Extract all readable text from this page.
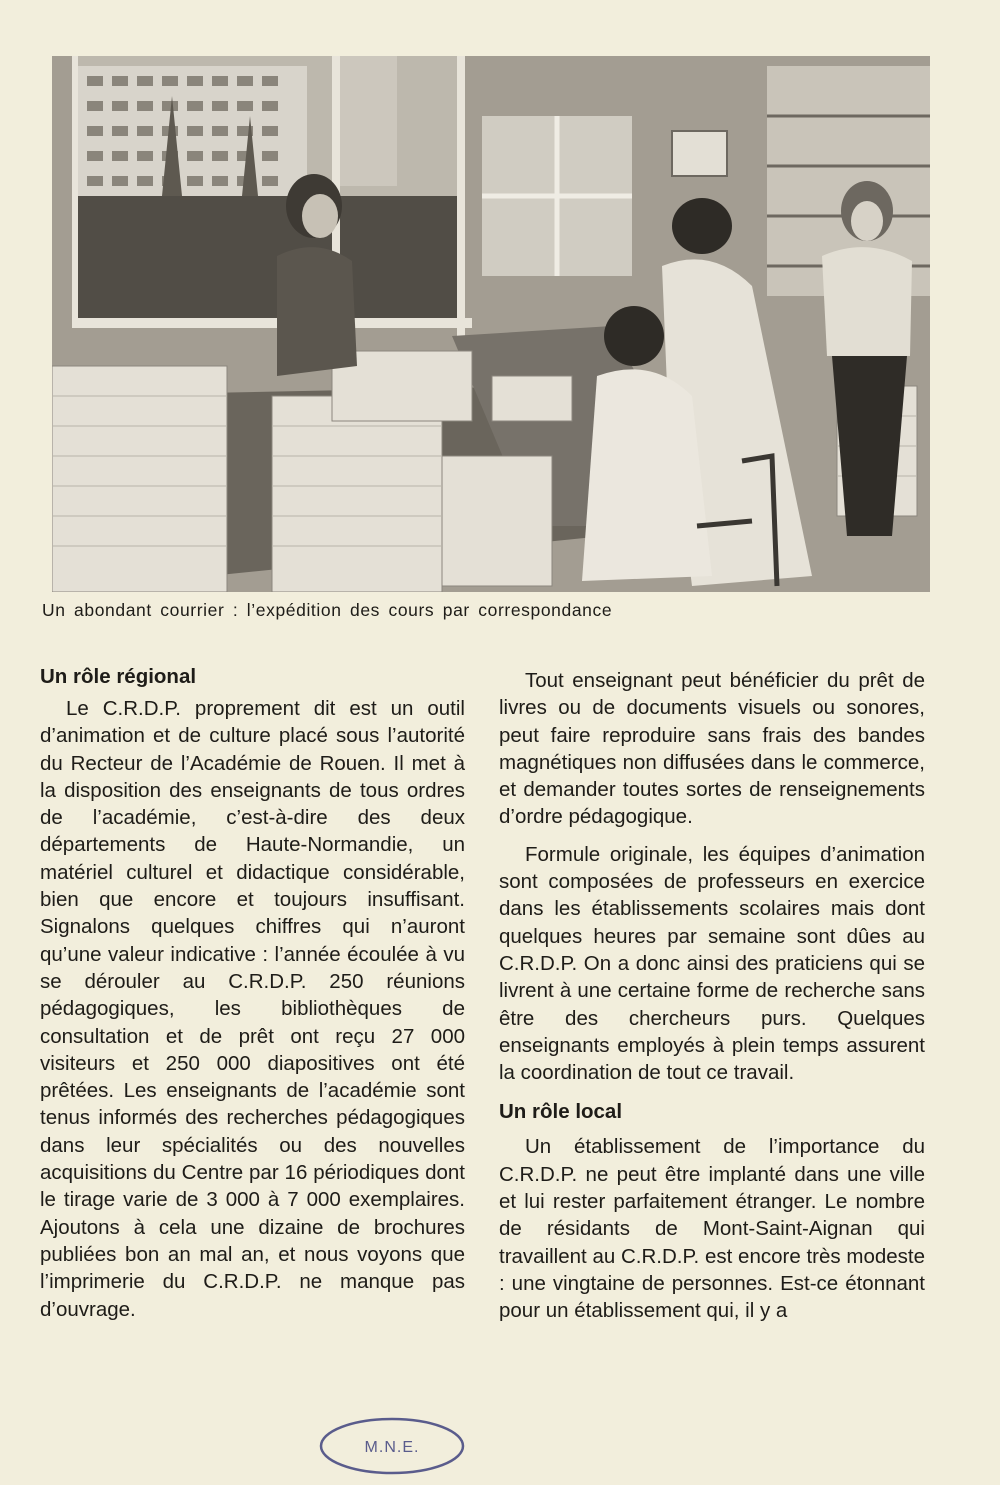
Un abondant courrier : l’expédition des cours par correspondance
Un rôle régional

Le C.R.D.P. proprement dit est un outil d’animation et de culture placé sous l’autorité du Recteur de l’Académie de Rouen. Il met à la disposition des enseignants de tous ordres de l’académie, c’est-à-dire des deux départements de Haute-Normandie, un matériel culturel et didactique considérable, bien que encore et toujours insuffisant. Signalons quelques chiffres qui n’auront qu’une valeur indicative : l’année écoulée à vu se dérouler au C.R.D.P. 250 réunions pédagogiques, les bibliothèques de consultation et de prêt ont reçu 27 000 visiteurs et 250 000 diapositives ont été prêtées. Les enseignants de l’académie sont tenus informés des recherches pédagogiques dans leur spécialités ou des nouvelles acquisitions du Centre par 16 périodiques dont le tirage varie de 3 000 à 7 000 exemplaires. Ajoutons à cela une dizaine de brochures publiées bon an mal an, et nous voyons que l’imprimerie du C.R.D.P. ne manque pas d’ouvrage.

Tout enseignant peut bénéficier du prêt de livres ou de documents visuels ou sonores, peut faire reproduire sans frais des bandes magnétiques non diffusées dans le commerce, et demander toutes sortes de renseignements d’ordre pédagogique.

Formule originale, les équipes d’animation sont composées de professeurs en exercice dans les établissements scolaires mais dont quelques heures par semaine sont dûes au C.R.D.P. On a donc ainsi des praticiens qui se livrent à une certaine forme de recherche sans être des chercheurs purs. Quelques enseignants employés à plein temps assurent la coordination de tout ce travail.

Un rôle local

Un établissement de l’importance du C.R.D.P. ne peut être implanté dans une ville et lui rester parfaitement étranger. Le nombre de résidants de Mont-Saint-Aignan qui travaillent au C.R.D.P. est encore très modeste : une vingtaine de personnes. Est-ce étonnant pour un établissement qui, il y a

M.N.E.
